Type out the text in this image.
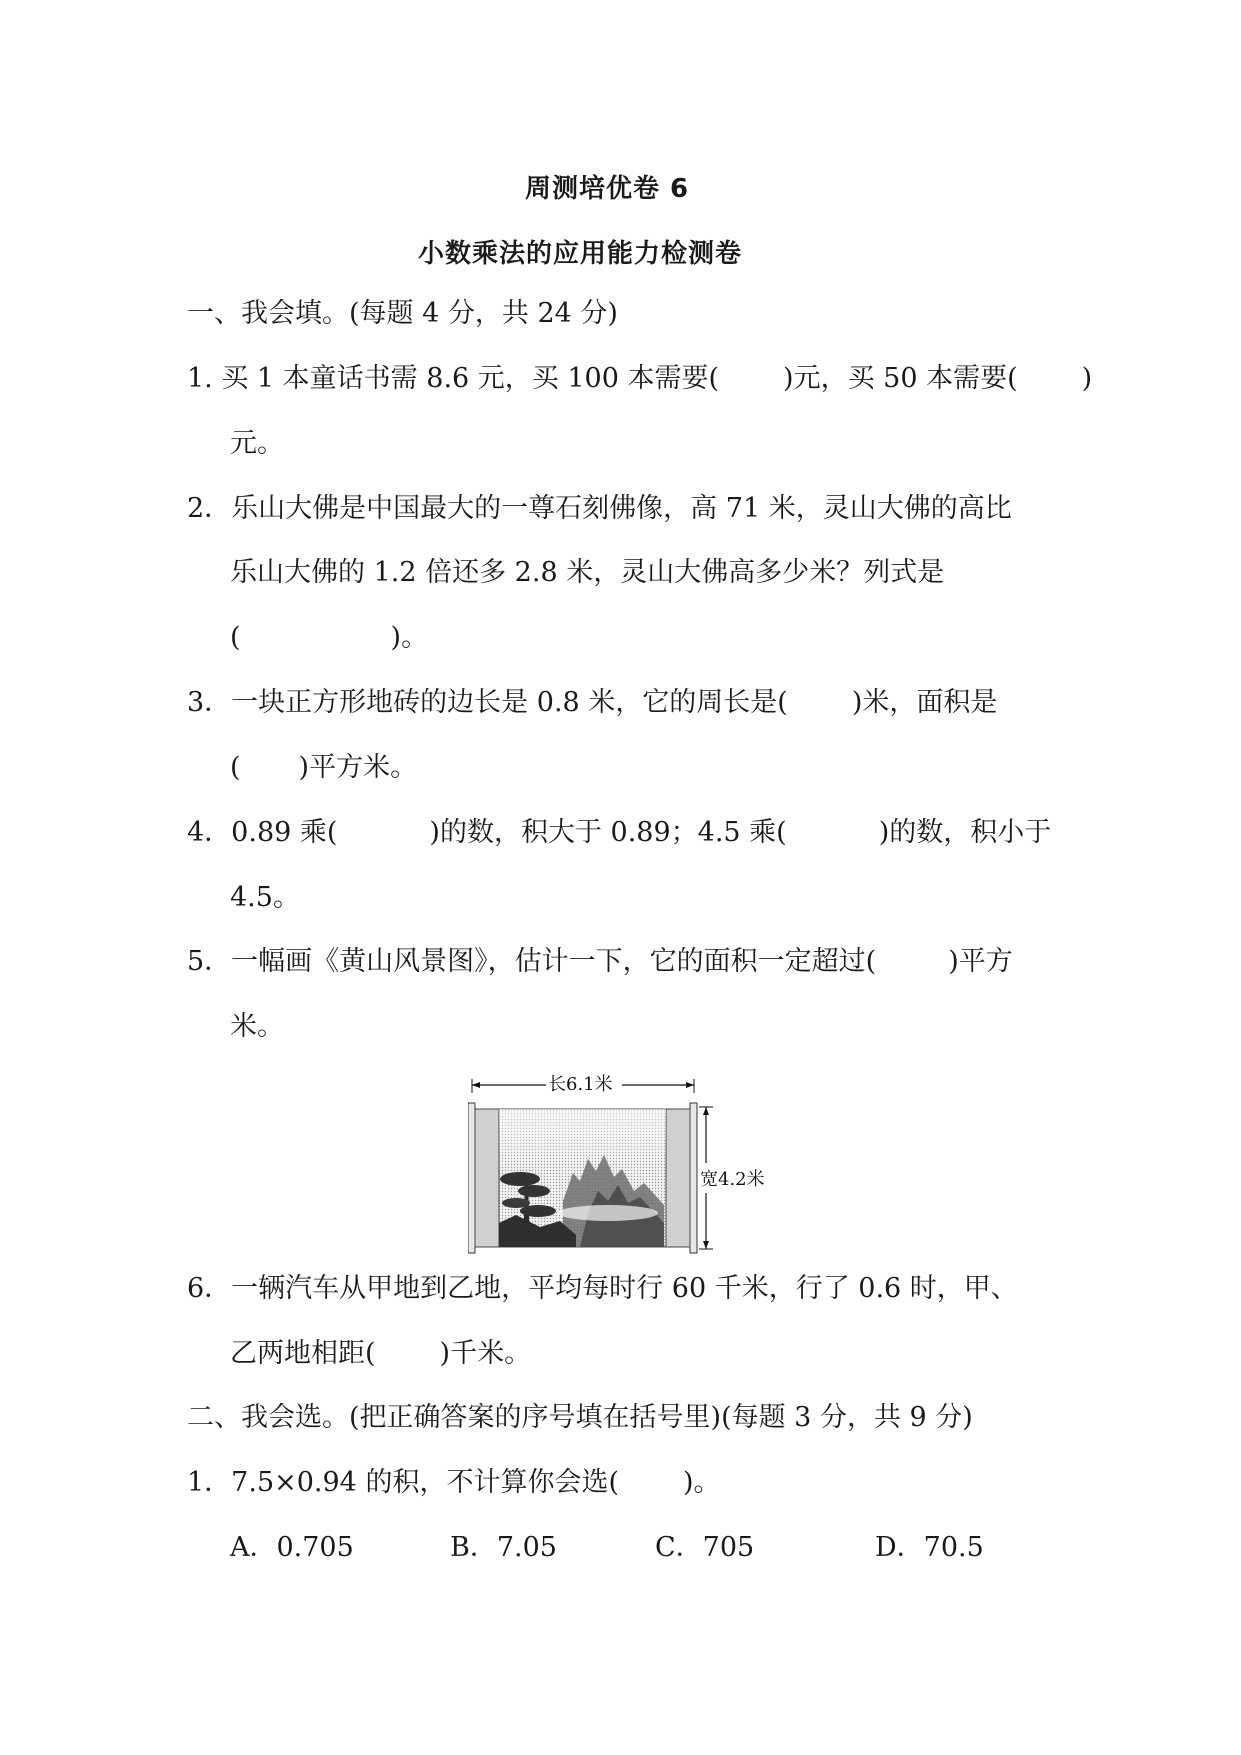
周测培优卷 6
小数乘法的应用能力检测卷
一、我会填。(每题 4 分，共 24 分)
1. 买 1 本童话书需 8.6 元，买 100 本需要( )元，买 50 本需要( )
元。
2．乐山大佛是中国最大的一尊石刻佛像，高 71 米，灵山大佛的高比
乐山大佛的 1.2 倍还多 2.8 米，灵山大佛高多少米？列式是
(	)。
3．一块正方形地砖的边长是 0.8 米，它的周长是( )米，面积是
( )平方米。
4．0.89 乘(	)的数，积大于 0.89；4.5 乘(	)的数，积小于
4.5。
5．一幅画《黄山风景图》，估计一下，它的面积一定超过(	)平方
米。
长6.1米
宽4.2米
6．一辆汽车从甲地到乙地，平均每时行 60 千米，行了 0.6 时，甲、
乙两地相距( )千米。
二、我会选。(把正确答案的序号填在括号里)(每题 3 分，共 9 分)
1．7.5×0.94 的积，不计算你会选( )。
A．0.705	B．7.05	C．705	D．70.5
